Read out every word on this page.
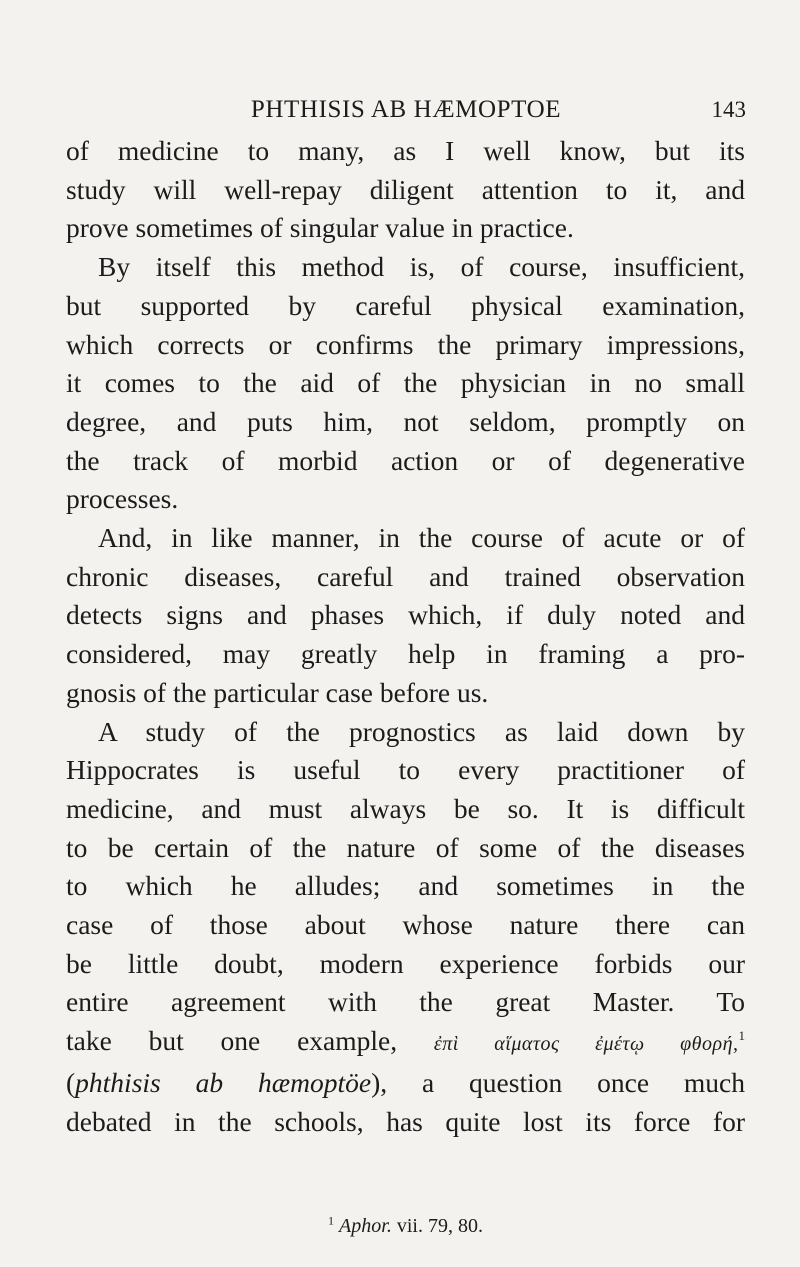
PHTHISIS AB HÆMOPTOE	143
of medicine to many, as I well know, but its
study will well-repay diligent attention to it, and
prove sometimes of singular value in practice.
By itself this method is, of course, insufficient,
but supported by careful physical examination,
which corrects or confirms the primary impressions,
it comes to the aid of the physician in no small
degree, and puts him, not seldom, promptly on
the track of morbid action or of degenerative
processes.
And, in like manner, in the course of acute or of
chronic diseases, careful and trained observation
detects signs and phases which, if duly noted and
considered, may greatly help in framing a pro-
gnosis of the particular case before us.
A study of the prognostics as laid down by
Hippocrates is useful to every practitioner of
medicine, and must always be so. It is difficult
to be certain of the nature of some of the diseases
to which he alludes; and sometimes in the
case of those about whose nature there can
be little doubt, modern experience forbids our
entire agreement with the great Master. To
take but one example, ἐπὶ αἵματος ἐμέτῳ φθορή,$^1$
(phthisis ab hæmoptöe), a question once much
debated in the schools, has quite lost its force for
$^1$ Aphor. vii. 79, 80.
